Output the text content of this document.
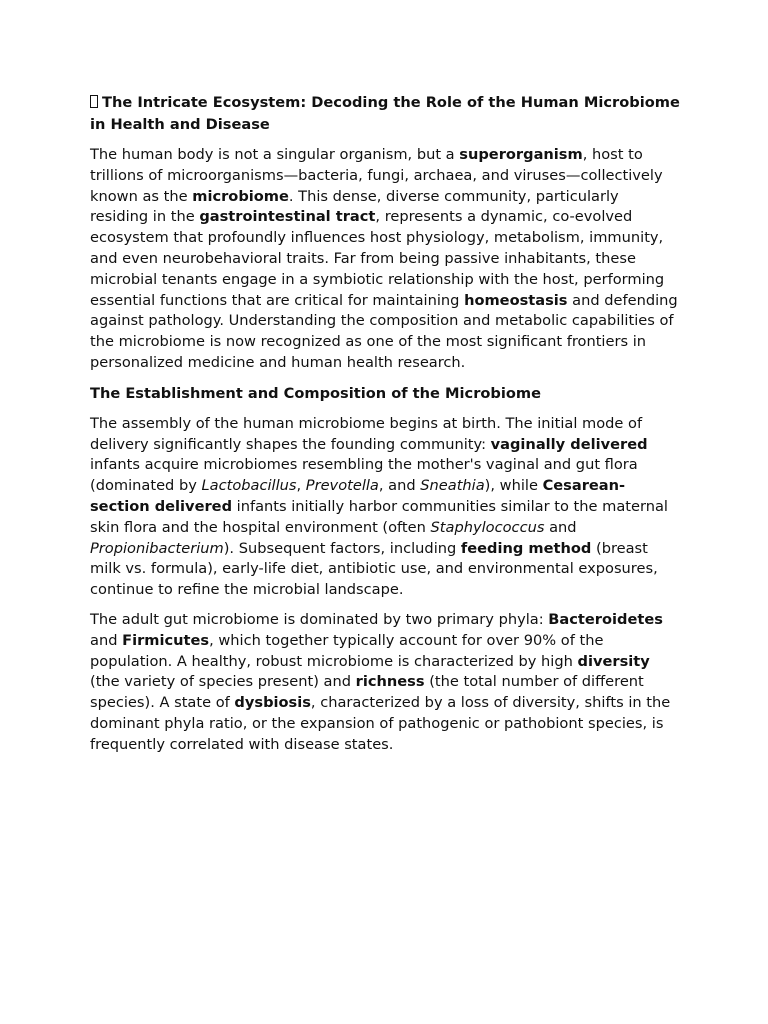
The Intricate Ecosystem: Decoding the Role of the Human Microbiome in Health and Disease

The human body is not a singular organism, but a superorganism, host to trillions of microorganisms—bacteria, fungi, archaea, and viruses—collectively known as the microbiome. This dense, diverse community, particularly residing in the gastrointestinal tract, represents a dynamic, co-evolved ecosystem that profoundly influences host physiology, metabolism, immunity, and even neurobehavioral traits. Far from being passive inhabitants, these microbial tenants engage in a symbiotic relationship with the host, performing essential functions that are critical for maintaining homeostasis and defending against pathology. Understanding the composition and metabolic capabilities of the microbiome is now recognized as one of the most significant frontiers in personalized medicine and human health research.

The Establishment and Composition of the Microbiome

The assembly of the human microbiome begins at birth. The initial mode of delivery significantly shapes the founding community: vaginally delivered infants acquire microbiomes resembling the mother's vaginal and gut flora (dominated by Lactobacillus, Prevotella, and Sneathia), while Cesarean-section delivered infants initially harbor communities similar to the maternal skin flora and the hospital environment (often Staphylococcus and Propionibacterium). Subsequent factors, including feeding method (breast milk vs. formula), early-life diet, antibiotic use, and environmental exposures, continue to refine the microbial landscape.

The adult gut microbiome is dominated by two primary phyla: Bacteroidetes and Firmicutes, which together typically account for over 90% of the population. A healthy, robust microbiome is characterized by high diversity (the variety of species present) and richness (the total number of different species). A state of dysbiosis, characterized by a loss of diversity, shifts in the dominant phyla ratio, or the expansion of pathogenic or pathobiont species, is frequently correlated with disease states.
